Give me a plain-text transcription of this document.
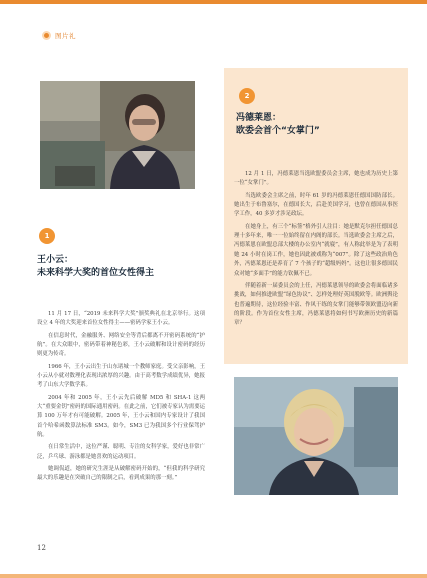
图片礼
1

王小云：

未来科学大奖的首位女性得主

11 月 17 日，“2019 未来科学大奖”颁奖典礼在北京举行。这项设立 4 年的大奖迎来首位女性得主——密码学家王小云。

在信息时代，金融服务、网络安全等背后都离不开密码系统的“护航”。在大众眼中，密码带着神秘色彩，王小云破解和设计密码的经历则更为传奇。

1966 年，王小云出生于山东诸城一个教师家庭。受父亲影响，王小云从小就对数理化表现出浓厚的兴趣。由于高考数学成绩优异，她报考了山东大学数学系。

2004 年和 2005 年，王小云先后破解 MD5 和 SHA-1 这两大“重要金钥”密码的国际通用密码。在此之前，它们被专家认为需要运算 100 万年才有可能破解。2005 年，王小云和国内专家设计了我国首个哈希函数算法标准 SM3。如今，SM3 已为我国多个行业保驾护航。

在日常生活中，这位严谨、聪明、专注的女科学家，爱好也非常广泛，乒乓球、游泳都是她喜欢的运动项目。

她调侃道，她的研究生涯是从破解密码开始的，“但我的科学研究最大的乐趣是在突破自己的限制之后，看到成果的那一刻。”

2

冯德莱恩：

欧委会首个“女掌门”

12 月 1 日，冯德莱恩当选欧盟委员会主席，她也成为历史上第一位“女掌门”。

当选欧委会主席之前，时年 61 岁的冯德莱恩任德国国防部长。她出生于布鲁塞尔，在德国长大，后赴美国学习，也曾在德国从事医学工作，40 多岁才涉足政坛。

在她身上，有三个“标签”格外引人注目：她是默克尔担任德国总理十多年来，唯一一位始终留在内阁的部长。当选欧委会主席之后，冯德莱恩在欧盟总部大楼的办公室内“就寝”，有人称此举是为了表明她 24 小时在岗工作，她也因此被戏称为“007”。除了这些政治角色外，冯德莱恩还是养育了 7 个孩子的“超级妈妈”。这也让很多德国民众对她“多面手”的能力钦佩不已。

伴随着新一届委员会的上任，冯德莱恩领导的欧委会将面临诸多挑战，如何推进欧盟“绿色协议”、怎样处理好英国脱欧等。欧洲舆论也普遍期待，这位经验丰富、作风干练的女掌门能够带领欧盟迈向新的阶段。作为首位女性主席，冯德莱恩将如何书写欧洲历史的新篇章？

12
